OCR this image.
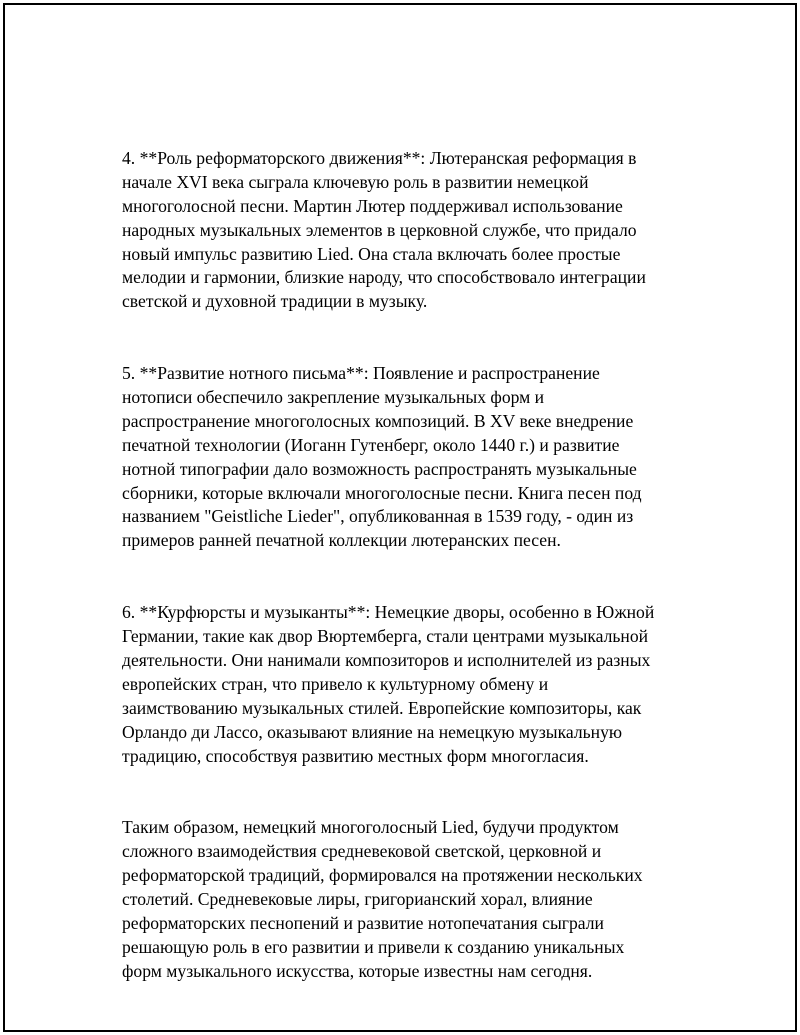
4. **Роль реформаторского движения**: Лютеранская реформация в
начале XVI века сыграла ключевую роль в развитии немецкой
многоголосной песни. Мартин Лютер поддерживал использование
народных музыкальных элементов в церковной службе, что придало
новый импульс развитию Lied. Она стала включать более простые
мелодии и гармонии, близкие народу, что способствовало интеграции
светской и духовной традиции в музыку.

5. **Развитие нотного письма**: Появление и распространение
нотописи обеспечило закрепление музыкальных форм и
распространение многоголосных композиций. В XV веке внедрение
печатной технологии (Иоганн Гутенберг, около 1440 г.) и развитие
нотной типографии дало возможность распространять музыкальные
сборники, которые включали многоголосные песни. Книга песен под
названием "Geistliche Lieder", опубликованная в 1539 году, - один из
примеров ранней печатной коллекции лютеранских песен.

6. **Курфюрсты и музыканты**: Немецкие дворы, особенно в Южной
Германии, такие как двор Вюртемберга, стали центрами музыкальной
деятельности. Они нанимали композиторов и исполнителей из разных
европейских стран, что привело к культурному обмену и
заимствованию музыкальных стилей. Европейские композиторы, как
Орландо ди Лассо, оказывают влияние на немецкую музыкальную
традицию, способствуя развитию местных форм многогласия.

Таким образом, немецкий многоголосный Lied, будучи продуктом
сложного взаимодействия средневековой светской, церковной и
реформаторской традиций, формировался на протяжении нескольких
столетий. Средневековые лиры, григорианский хорал, влияние
реформаторских песнопений и развитие нотопечатания сыграли
решающую роль в его развитии и привели к созданию уникальных
форм музыкального искусства, которые известны нам сегодня.
